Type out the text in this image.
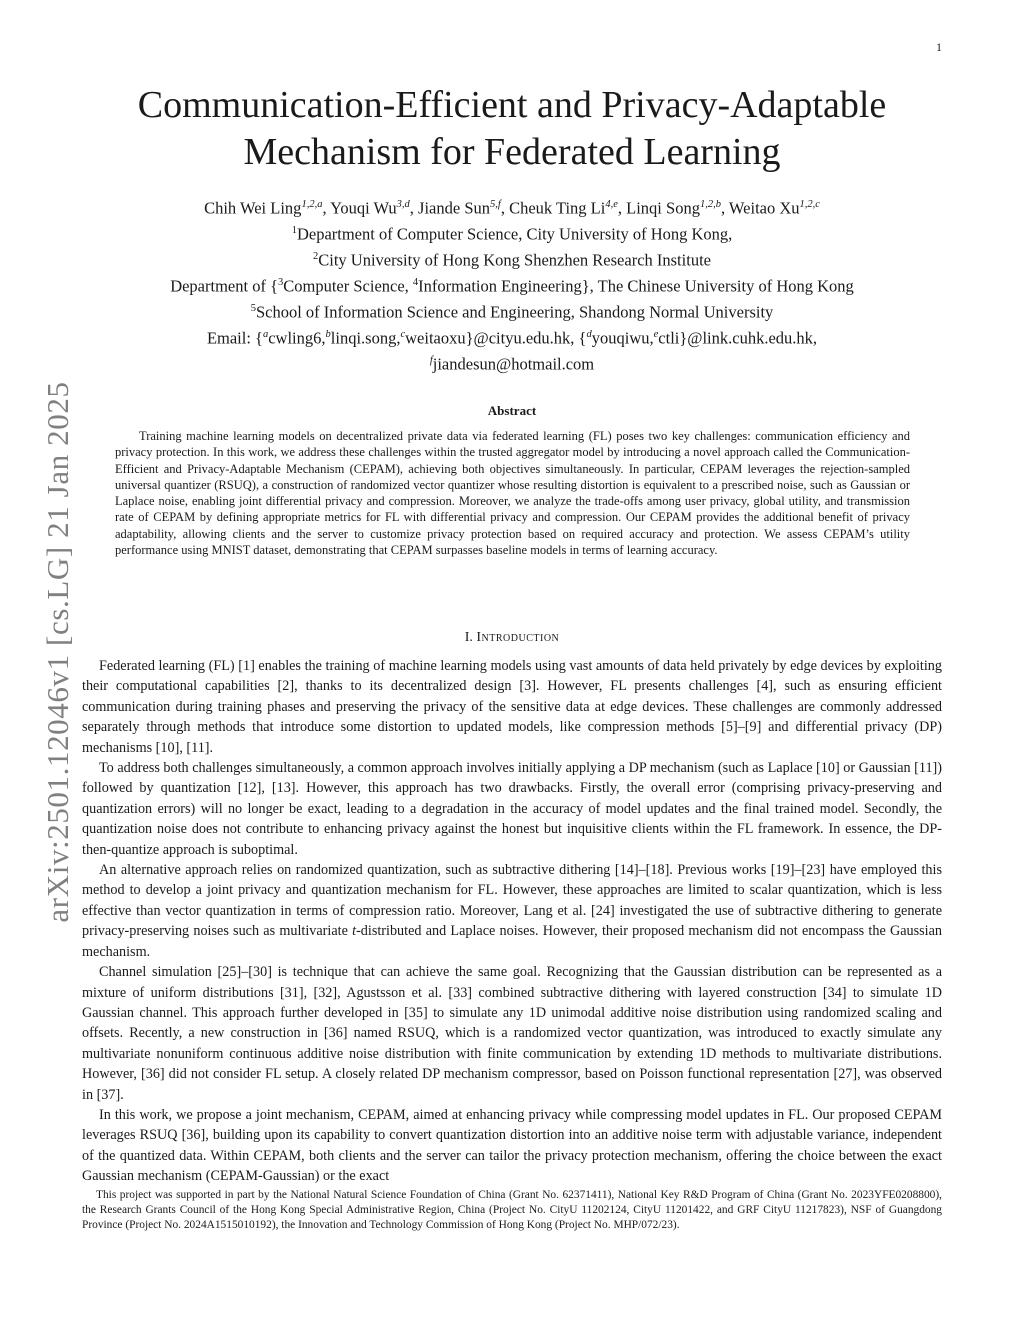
1
arXiv:2501.12046v1 [cs.LG] 21 Jan 2025
Communication-Efficient and Privacy-Adaptable
Mechanism for Federated Learning
Chih Wei Ling$^{1,2,a}$, Youqi Wu$^{3,d}$, Jiande Sun$^{5,f}$, Cheuk Ting Li$^{4,e}$, Linqi Song$^{1,2,b}$, Weitao Xu$^{1,2,c}$
$^1$Department of Computer Science, City University of Hong Kong,
$^2$City University of Hong Kong Shenzhen Research Institute
Department of {$^3$Computer Science, $^4$Information Engineering}, The Chinese University of Hong Kong
$^5$School of Information Science and Engineering, Shandong Normal University
Email: {$^a$cwling6,$^b$linqi.song,$^c$weitaoxu}@cityu.edu.hk, {$^d$youqiwu,$^e$ctli}@link.cuhk.edu.hk,
$^f$jiandesun@hotmail.com
Abstract

Training machine learning models on decentralized private data via federated learning (FL) poses two key challenges: communication efficiency and privacy protection. In this work, we address these challenges within the trusted aggregator model by introducing a novel approach called the Communication-Efficient and Privacy-Adaptable Mechanism (CEPAM), achieving both objectives simultaneously. In particular, CEPAM leverages the rejection-sampled universal quantizer (RSUQ), a construction of randomized vector quantizer whose resulting distortion is equivalent to a prescribed noise, such as Gaussian or Laplace noise, enabling joint differential privacy and compression. Moreover, we analyze the trade-offs among user privacy, global utility, and transmission rate of CEPAM by defining appropriate metrics for FL with differential privacy and compression. Our CEPAM provides the additional benefit of privacy adaptability, allowing clients and the server to customize privacy protection based on required accuracy and protection. We assess CEPAM’s utility performance using MNIST dataset, demonstrating that CEPAM surpasses baseline models in terms of learning accuracy.

I. Introduction

Federated learning (FL) [1] enables the training of machine learning models using vast amounts of data held privately by edge devices by exploiting their computational capabilities [2], thanks to its decentralized design [3]. However, FL presents challenges [4], such as ensuring efficient communication during training phases and preserving the privacy of the sensitive data at edge devices. These challenges are commonly addressed separately through methods that introduce some distortion to updated models, like compression methods [5]–[9] and differential privacy (DP) mechanisms [10], [11].

To address both challenges simultaneously, a common approach involves initially applying a DP mechanism (such as Laplace [10] or Gaussian [11]) followed by quantization [12], [13]. However, this approach has two drawbacks. Firstly, the overall error (comprising privacy-preserving and quantization errors) will no longer be exact, leading to a degradation in the accuracy of model updates and the final trained model. Secondly, the quantization noise does not contribute to enhancing privacy against the honest but inquisitive clients within the FL framework. In essence, the DP-then-quantize approach is suboptimal.

An alternative approach relies on randomized quantization, such as subtractive dithering [14]–[18]. Previous works [19]–[23] have employed this method to develop a joint privacy and quantization mechanism for FL. However, these approaches are limited to scalar quantization, which is less effective than vector quantization in terms of compression ratio. Moreover, Lang et al. [24] investigated the use of subtractive dithering to generate privacy-preserving noises such as multivariate t-distributed and Laplace noises. However, their proposed mechanism did not encompass the Gaussian mechanism.

Channel simulation [25]–[30] is technique that can achieve the same goal. Recognizing that the Gaussian distribution can be represented as a mixture of uniform distributions [31], [32], Agustsson et al. [33] combined subtractive dithering with layered construction [34] to simulate 1D Gaussian channel. This approach further developed in [35] to simulate any 1D unimodal additive noise distribution using randomized scaling and offsets. Recently, a new construction in [36] named RSUQ, which is a randomized vector quantization, was introduced to exactly simulate any multivariate nonuniform continuous additive noise distribution with finite communication by extending 1D methods to multivariate distributions. However, [36] did not consider FL setup. A closely related DP mechanism compressor, based on Poisson functional representation [27], was observed in [37].

In this work, we propose a joint mechanism, CEPAM, aimed at enhancing privacy while compressing model updates in FL. Our proposed CEPAM leverages RSUQ [36], building upon its capability to convert quantization distortion into an additive noise term with adjustable variance, independent of the quantized data. Within CEPAM, both clients and the server can tailor the privacy protection mechanism, offering the choice between the exact Gaussian mechanism (CEPAM-Gaussian) or the exact

This project was supported in part by the National Natural Science Foundation of China (Grant No. 62371411), National Key R&D Program of China (Grant No. 2023YFE0208800), the Research Grants Council of the Hong Kong Special Administrative Region, China (Project No. CityU 11202124, CityU 11201422, and GRF CityU 11217823), NSF of Guangdong Province (Project No. 2024A1515010192), the Innovation and Technology Commission of Hong Kong (Project No. MHP/072/23).
